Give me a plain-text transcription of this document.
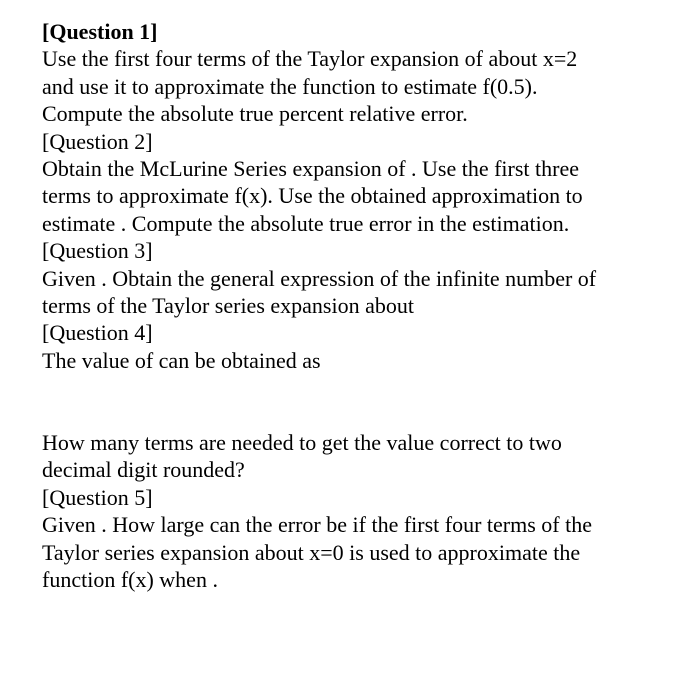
[Question 1]
Use the first four terms of the Taylor expansion of about x=2
and use it to approximate the function to estimate f(0.5).
Compute the absolute true percent relative error.
[Question 2]
Obtain the McLurine Series expansion of . Use the first three
terms to approximate f(x). Use the obtained approximation to
estimate . Compute the absolute true error in the estimation.
[Question 3]
Given . Obtain the general expression of the infinite number of
terms of the Taylor series expansion about
[Question 4]
The value of can be obtained as
How many terms are needed to get the value correct to two
decimal digit rounded?
[Question 5]
Given . How large can the error be if the first four terms of the
Taylor series expansion about x=0 is used to approximate the
function f(x) when .
